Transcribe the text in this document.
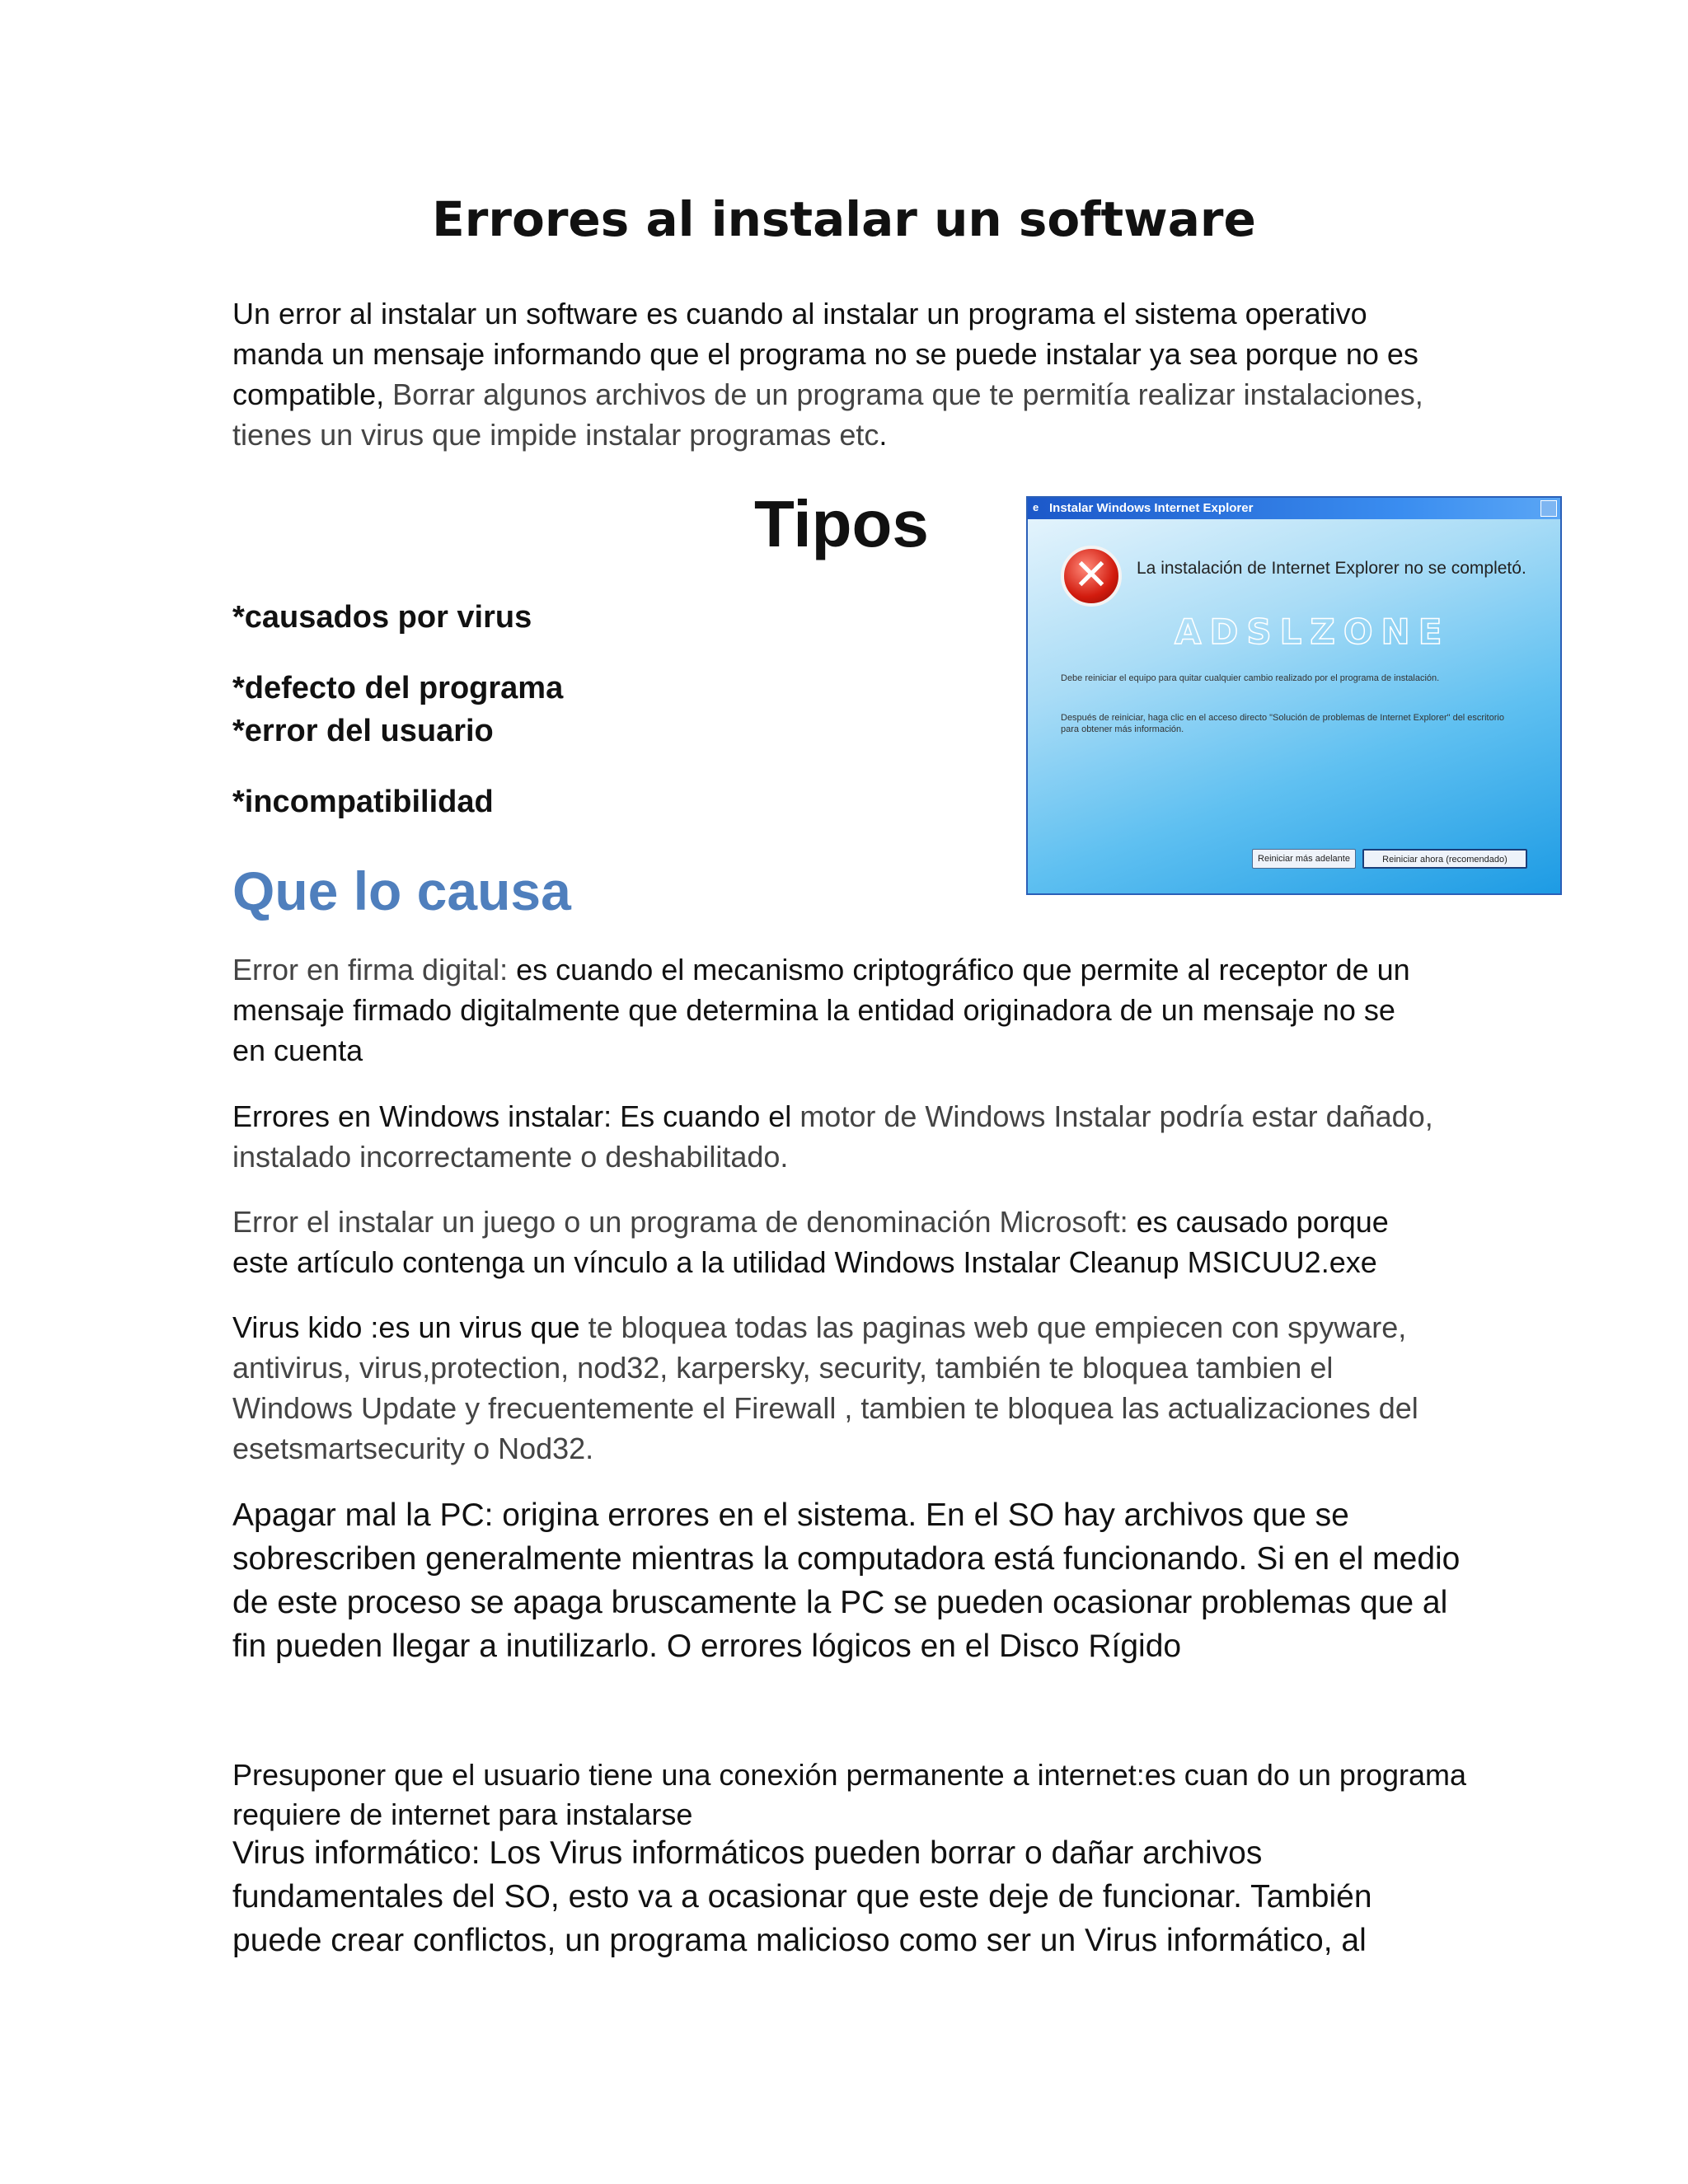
Errores al instalar un software
Un error al instalar un software es cuando al instalar un programa el sistema operativo manda un mensaje informando que el programa no se puede instalar ya sea porque no es compatible, Borrar algunos archivos de un programa que te permitía realizar instalaciones, tienes un virus que impide instalar programas etc.
Tipos
*causados por virus
*defecto del programa
*error del usuario
*incompatibilidad
e Instalar Windows Internet Explorer
✕	La instalación de Internet Explorer no se completó.
ADSLZONE
Debe reiniciar el equipo para quitar cualquier cambio realizado por el programa de instalación.
Después de reiniciar, haga clic en el acceso directo "Solución de problemas de Internet Explorer" del escritorio para obtener más información.
Reiniciar más adelante	Reiniciar ahora (recomendado)
Que lo causa
Error en firma digital: es cuando el mecanismo criptográfico que permite al receptor de un mensaje firmado digitalmente que determina la entidad originadora de un mensaje no se en cuenta
Errores en Windows instalar: Es cuando el motor de Windows Instalar podría estar dañado, instalado incorrectamente o deshabilitado.
Error el instalar un juego o un programa de denominación Microsoft: es causado porque este artículo contenga un vínculo a la utilidad Windows Instalar Cleanup MSICUU2.exe
Virus kido :es un virus que te bloquea todas las paginas web que empiecen con spyware, antivirus, virus,protection, nod32, karpersky, security, también te bloquea tambien el Windows Update y frecuentemente el Firewall , tambien te bloquea las actualizaciones del esetsmartsecurity o Nod32.
Apagar mal la PC: origina errores en el sistema. En el SO hay archivos que se sobrescriben generalmente mientras la computadora está funcionando. Si en el medio de este proceso se apaga bruscamente la PC se pueden ocasionar problemas que al fin pueden llegar a inutilizarlo. O errores lógicos en el Disco Rígido
Presuponer que el usuario tiene una conexión permanente a internet:es cuan do un programa requiere de internet para instalarse
Virus informático: Los Virus informáticos pueden borrar o dañar archivos fundamentales del SO, esto va a ocasionar que este deje de funcionar. También puede crear conflictos, un programa malicioso como ser un Virus informático, al
